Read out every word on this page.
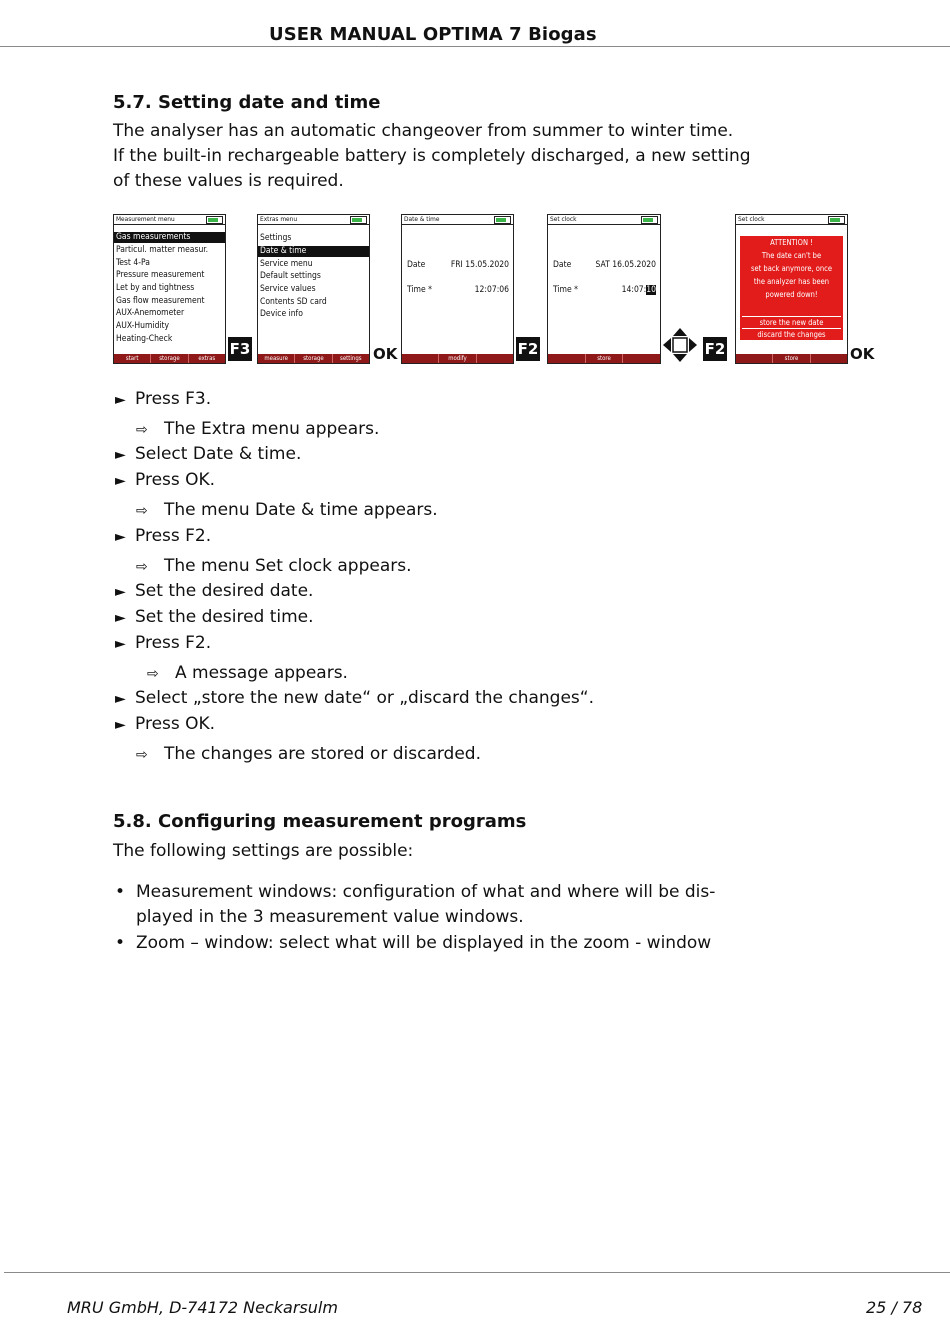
USER MANUAL OPTIMA 7 Biogas
5.7. Setting date and time
The analyser has an automatic changeover from summer to winter time.
If the built-in rechargeable battery is completely discharged, a new setting
of these values is required.
Measurement menu
Gas measurements
Particul. matter measur.
Test 4-Pa
Pressure measurement
Let by and tightness
Gas flow measurement
AUX-Anemometer
AUX-Humidity
Heating-Check
start	storage	extras
F3
Extras menu
Settings
Date & time
Service menu
Default settings
Service values
Contents SD card
Device info
measure	storage	settings OK
Date & time
Date	FRI 15.05.2020
Time *	12:07:06
modify
F2
Set clock
Date	SAT 16.05.2020
Time *	14:07:10
store
F2
Set clock
ATTENTION !
The date can't be
set back anymore, once
the analyzer has been
powered down!
store the new date
discard the changes
store	OK
► Press F3.
⇨ The Extra menu appears.
► Select Date & time.
► Press OK.
⇨ The menu Date & time appears.
► Press F2.
⇨ The menu Set clock appears.
► Set the desired date.
► Set the desired time.
► Press F2.
⇨ A message appears.
► Select „store the new date“ or „discard the changes“.
► Press OK.
⇨ The changes are stored or discarded.
5.8. Configuring measurement programs
The following settings are possible:
• Measurement windows: configuration of what and where will be dis-
played in the 3 measurement value windows.
• Zoom – window: select what will be displayed in the zoom - window
MRU GmbH, D-74172 Neckarsulm	25 / 78
